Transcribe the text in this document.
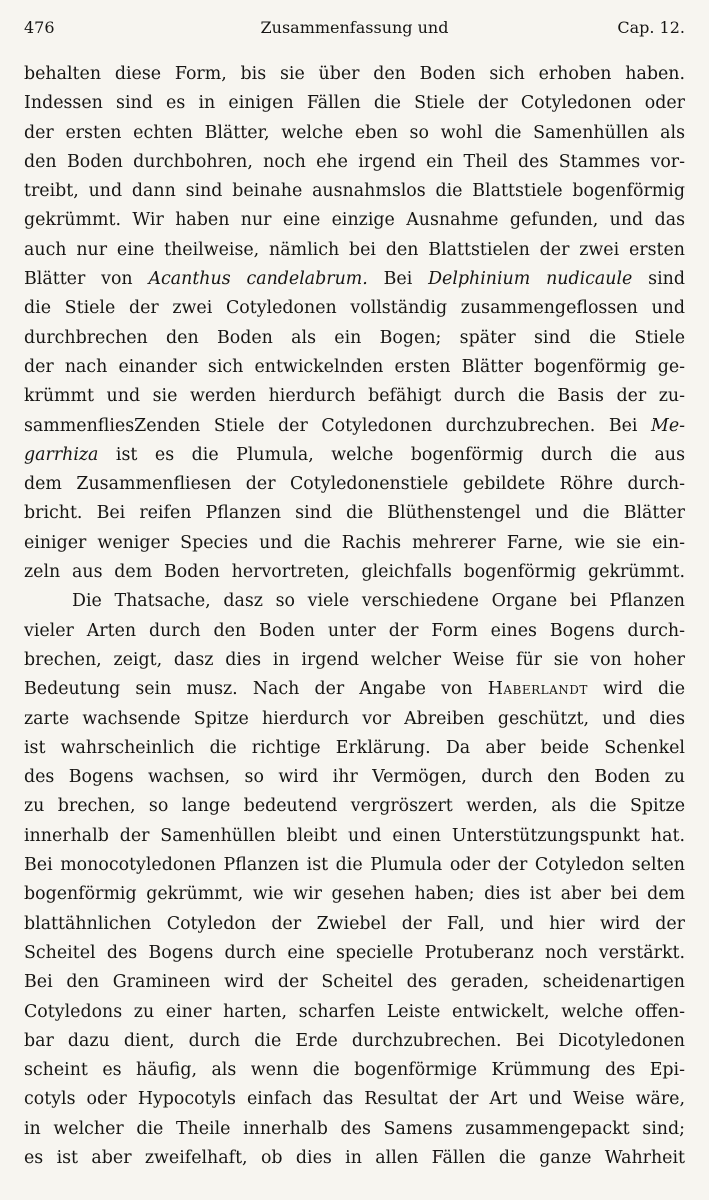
476	Zusammenfassung und	Cap. 12.
behalten diese Form, bis sie über den Boden sich erhoben haben.
Indessen sind es in einigen Fällen die Stiele der Cotyledonen oder
der ersten echten Blätter, welche eben so wohl die Samenhüllen als
den Boden durchbohren, noch ehe irgend ein Theil des Stammes vor-
treibt, und dann sind beinahe ausnahmslos die Blattstiele bogenförmig
gekrümmt. Wir haben nur eine einzige Ausnahme gefunden, und das
auch nur eine theilweise, nämlich bei den Blattstielen der zwei ersten
Blätter von Acanthus candelabrum. Bei Delphinium nudicaule sind
die Stiele der zwei Cotyledonen vollständig zusammengeflossen und
durchbrechen den Boden als ein Bogen; später sind die Stiele
der nach einander sich entwickelnden ersten Blätter bogenförmig ge-
krümmt und sie werden hierdurch befähigt durch die Basis der zu-
sammenfliesZenden Stiele der Cotyledonen durchzubrechen. Bei Me-
garrhiza ist es die Plumula, welche bogenförmig durch die aus
dem Zusammenfliesen der Cotyledonenstiele gebildete Röhre durch-
bricht. Bei reifen Pflanzen sind die Blüthenstengel und die Blätter
einiger weniger Species und die Rachis mehrerer Farne, wie sie ein-
zeln aus dem Boden hervortreten, gleichfalls bogenförmig gekrümmt.
Die Thatsache, dasz so viele verschiedene Organe bei Pflanzen
vieler Arten durch den Boden unter der Form eines Bogens durch-
brechen, zeigt, dasz dies in irgend welcher Weise für sie von hoher
Bedeutung sein musz. Nach der Angabe von Haberlandt wird die
zarte wachsende Spitze hierdurch vor Abreiben geschützt, und dies
ist wahrscheinlich die richtige Erklärung. Da aber beide Schenkel
des Bogens wachsen, so wird ihr Vermögen, durch den Boden zu
zu brechen, so lange bedeutend vergröszert werden, als die Spitze
innerhalb der Samenhüllen bleibt und einen Unterstützungspunkt hat.
Bei monocotyledonen Pflanzen ist die Plumula oder der Cotyledon selten
bogenförmig gekrümmt, wie wir gesehen haben; dies ist aber bei dem
blattähnlichen Cotyledon der Zwiebel der Fall, und hier wird der
Scheitel des Bogens durch eine specielle Protuberanz noch verstärkt.
Bei den Gramineen wird der Scheitel des geraden, scheidenartigen
Cotyledons zu einer harten, scharfen Leiste entwickelt, welche offen-
bar dazu dient, durch die Erde durchzubrechen. Bei Dicotyledonen
scheint es häufig, als wenn die bogenförmige Krümmung des Epi-
cotyls oder Hypocotyls einfach das Resultat der Art und Weise wäre,
in welcher die Theile innerhalb des Samens zusammengepackt sind;
es ist aber zweifelhaft, ob dies in allen Fällen die ganze Wahrheit
